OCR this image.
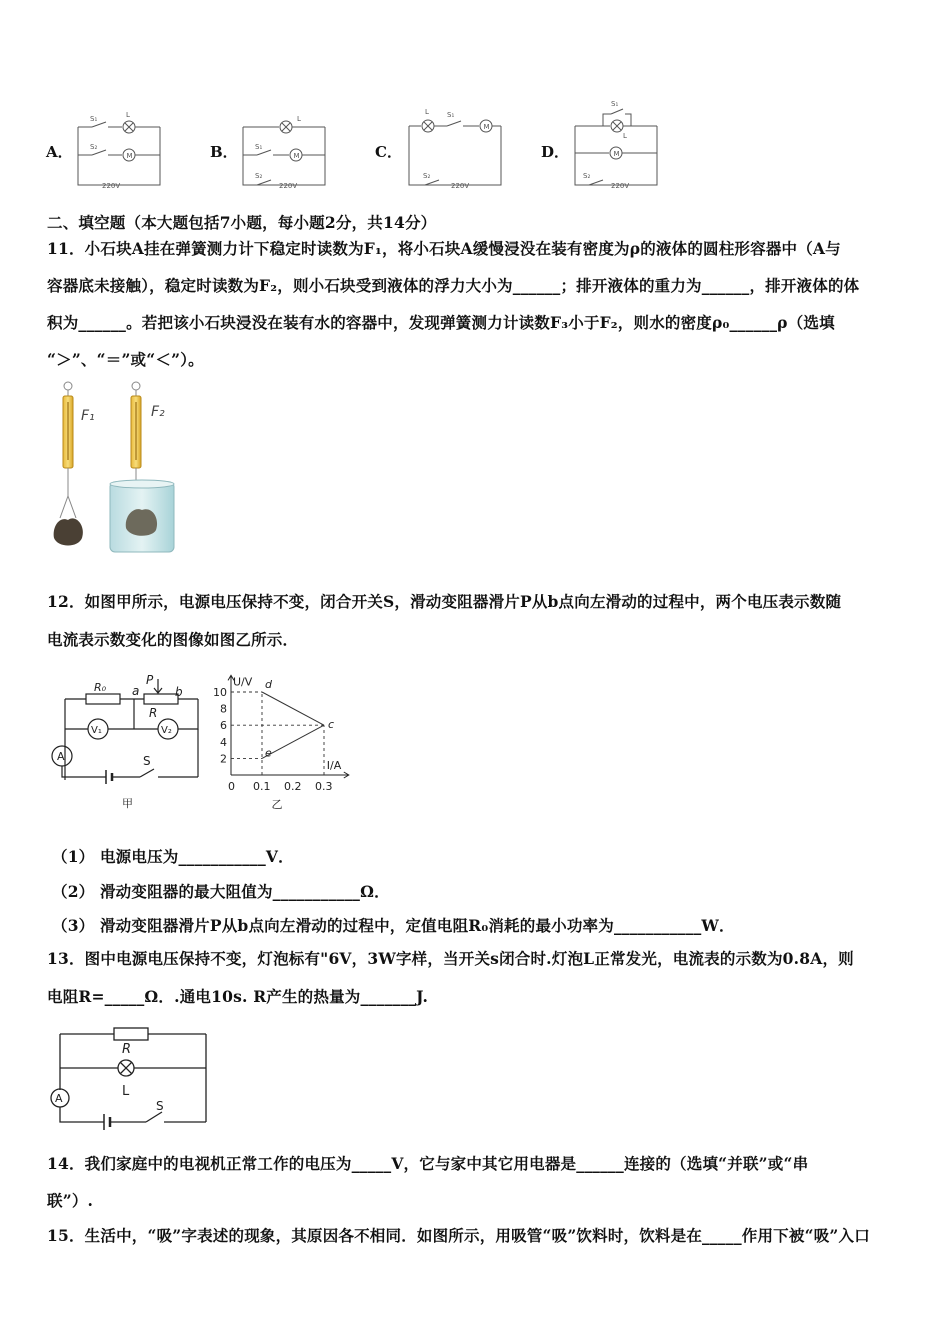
A．	B．	C．	D．
S₁	L
S₂
M
220V
L
S₁
M
S₂
220V
L	S₁
M
S₂
220V
S₁
L
M
S₂
220V
二、填空题（本大题包括7小题，每小题2分，共14分）
11．小石块A挂在弹簧测力计下稳定时读数为F₁，将小石块A缓慢浸没在装有密度为ρ的液体的圆柱形容器中（A与
容器底未接触），稳定时读数为F₂，则小石块受到液体的浮力大小为______；排开液体的重力为______，排开液体的体
积为______。若把该小石块浸没在装有水的容器中，发现弹簧测力计读数F₃小于F₂，则水的密度ρ₀______ρ（选填
“＞”、“＝”或“＜”）。
F₁	F₂
12．如图甲所示，电源电压保持不变，闭合开关S，滑动变阻器滑片P从b点向左滑动的过程中，两个电压表示数随
电流表示数变化的图像如图乙所示．
R₀ a
P
b
R
V₁	V₂
A	S
甲
0 0.1 0.2 0.3
2
4
6
8
10
U/V
I/A
d
c
e
乙
（1） 电源电压为___________V．
（2） 滑动变阻器的最大阻值为___________Ω．
（3） 滑动变阻器滑片P从b点向左滑动的过程中，定值电阻R₀消耗的最小功率为___________W．
13．图中电源电压保持不变，灯泡标有"6V，3W字样，当开关s闭合时.灯泡L正常发光，电流表的示数为0.8A，则
电阻R=_____Ω．.通电10s. R产生的热量为_______J.
R
L
A
S
14．我们家庭中的电视机正常工作的电压为_____V，它与家中其它用电器是______连接的（选填“并联”或“串
联”）.
15．生活中，“吸”字表述的现象，其原因各不相同．如图所示，用吸管“吸”饮料时，饮料是在_____作用下被“吸”入口
